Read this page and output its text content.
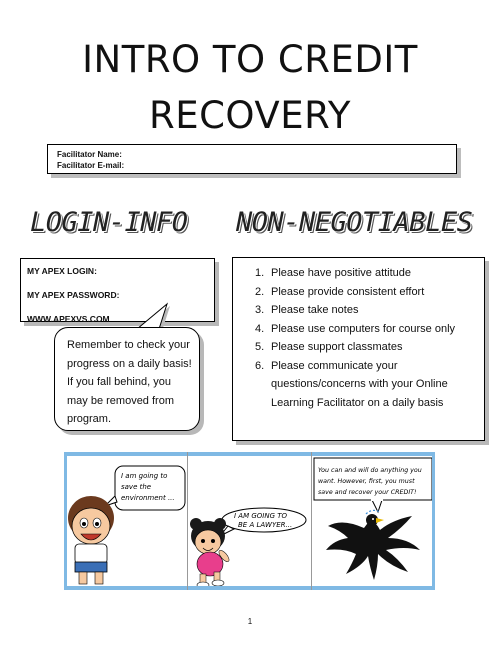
INTRO TO CREDIT
RECOVERY
Facilitator Name:
Facilitator E-mail:
LOGIN-INFO NON-NEGOTIABLES
MY APEX LOGIN:
MY APEX PASSWORD:
WWW.APEXVS.COM
Remember to check your progress on a daily basis! If you fall behind, you may be removed from program.
1. Please have positive attitude
2. Please provide consistent effort
3. Please take notes
4. Please use computers for course only
5. Please support classmates
6. Please communicate your questions/concerns with your Online Learning Facilitator on a daily basis
I am going to
save the
environment ...
I AM GOING TO
BE A LAWYER...
You can and will do anything you
want. However, first, you must
save and recover your CREDIT!
1
